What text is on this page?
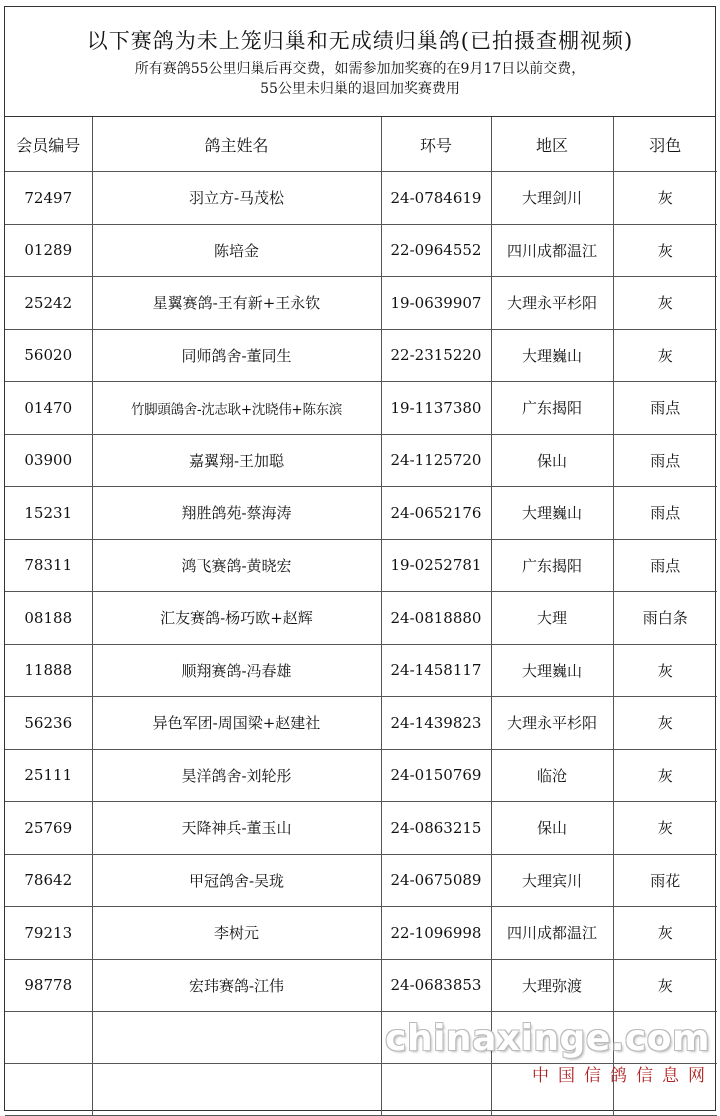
以下赛鸽为未上笼归巢和无成绩归巢鸽(已拍摄查棚视频)
所有赛鸽55公里归巢后再交费，如需参加加奖赛的在9月17日以前交费，
55公里未归巢的退回加奖赛费用
会员编号	鸽主姓名	环号	地区	羽色
72497	羽立方-马茂松	24-0784619	大理剑川	灰
01289	陈培金	22-0964552	四川成都温江	灰
25242	星翼赛鸽-王有新+王永钦	19-0639907	大理永平杉阳	灰
56020	同师鸽舍-董同生	22-2315220	大理巍山	灰
01470	竹脚頭鴿舍-沈志耿+沈晓伟+陈东滨	19-1137380	广东揭阳	雨点
03900	嘉翼翔-王加聪	24-1125720	保山	雨点
15231	翔胜鸽苑-蔡海涛	24-0652176	大理巍山	雨点
78311	鸿飞赛鸽-黄晓宏	19-0252781	广东揭阳	雨点
08188	汇友赛鸽-杨巧欧+赵辉	24-0818880	大理	雨白条
11888	顺翔赛鸽-冯春雄	24-1458117	大理巍山	灰
56236	异色军团-周国梁+赵建社	24-1439823	大理永平杉阳	灰
25111	昊洋鸽舍-刘轮彤	24-0150769	临沧	灰
25769	天降神兵-董玉山	24-0863215	保山	灰
78642	甲冠鸽舍-吴珑	24-0675089	大理宾川	雨花
79213	李树元	22-1096998	四川成都温江	灰
98778	宏玮赛鸽-江伟	24-0683853	大理弥渡	灰

chinaxinge.com
中国信鸽信息网
